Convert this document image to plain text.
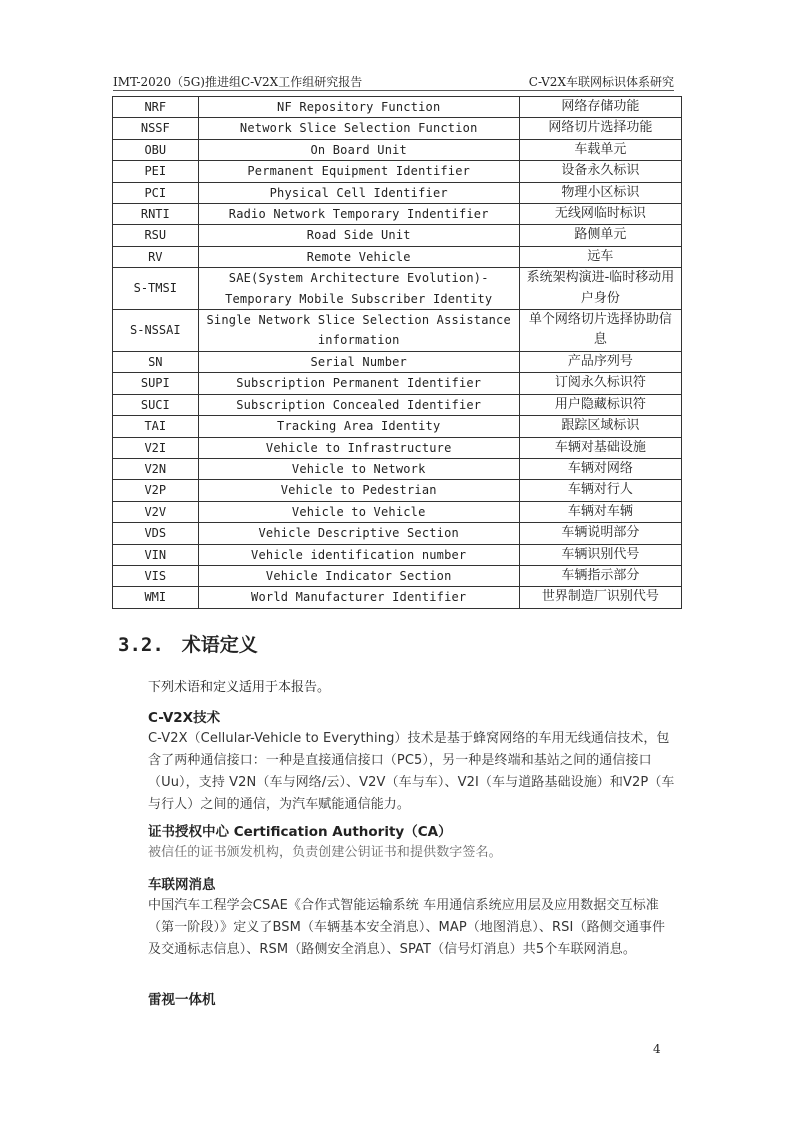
IMT-2020（5G)推进组C-V2X工作组研究报告	C-V2X车联网标识体系研究
NRF	NF Repository Function	网络存储功能
NSSF	Network Slice Selection Function	网络切片选择功能
OBU	On Board Unit	车载单元
PEI	Permanent Equipment Identifier	设备永久标识
PCI	Physical Cell Identifier	物理小区标识
RNTI	Radio Network Temporary Indentifier	无线网临时标识
RSU	Road Side Unit	路侧单元
RV	Remote Vehicle	远车
S-TMSI	SAE(System Architecture Evolution)-Temporary Mobile Subscriber Identity	系统架构演进-临时移动用户身份
S-NSSAI	Single Network Slice Selection Assistance information	单个网络切片选择协助信息
SN	Serial Number	产品序列号
SUPI	Subscription Permanent Identifier	订阅永久标识符
SUCI	Subscription Concealed Identifier	用户隐藏标识符
TAI	Tracking Area Identity	跟踪区域标识
V2I	Vehicle to Infrastructure	车辆对基础设施
V2N	Vehicle to Network	车辆对网络
V2P	Vehicle to Pedestrian	车辆对行人
V2V	Vehicle to Vehicle	车辆对车辆
VDS	Vehicle Descriptive Section	车辆说明部分
VIN	Vehicle identification number	车辆识别代号
VIS	Vehicle Indicator Section	车辆指示部分
WMI	World Manufacturer Identifier	世界制造厂识别代号
3.2. 术语定义
下列术语和定义适用于本报告。
C-V2X技术
C-V2X（Cellular-Vehicle to Everything）技术是基于蜂窝网络的车用无线通信技术，包含了两种通信接口：一种是直接通信接口（PC5），另一种是终端和基站之间的通信接口（Uu），支持 V2N（车与网络/云）、V2V（车与车）、V2I（车与道路基础设施）和V2P（车与行人）之间的通信，为汽车赋能通信能力。
证书授权中心 Certification Authority（CA）
被信任的证书颁发机构，负责创建公钥证书和提供数字签名。
车联网消息
中国汽车工程学会CSAE《合作式智能运输系统 车用通信系统应用层及应用数据交互标准（第一阶段）》定义了BSM（车辆基本安全消息）、MAP（地图消息）、RSI（路侧交通事件及交通标志信息）、RSM（路侧安全消息）、SPAT（信号灯消息）共5个车联网消息。
雷视一体机
4
